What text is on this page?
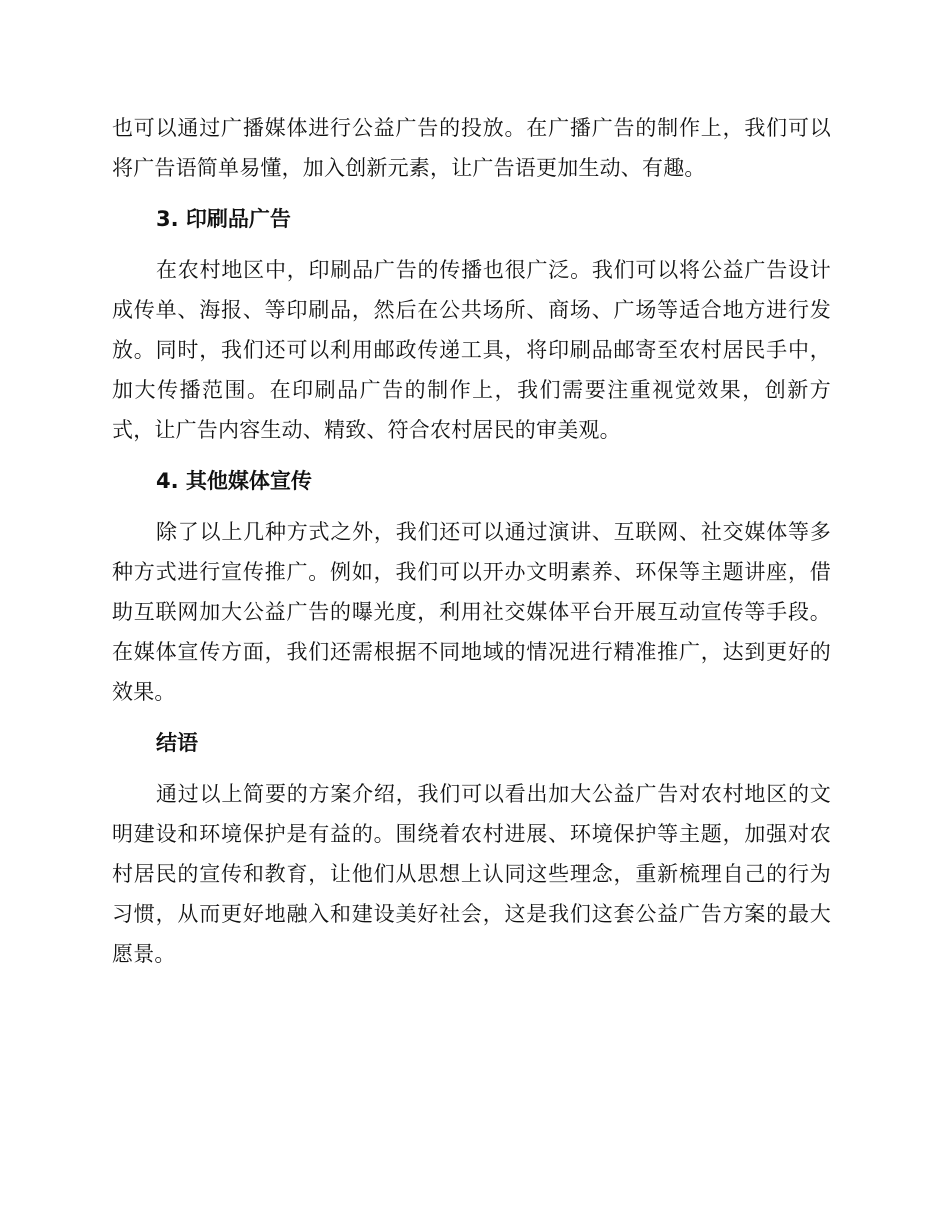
也可以通过广播媒体进行公益广告的投放。在广播广告的制作上，我们可以将广告语简单易懂，加入创新元素，让广告语更加生动、有趣。

3. 印刷品广告

在农村地区中，印刷品广告的传播也很广泛。我们可以将公益广告设计成传单、海报、等印刷品，然后在公共场所、商场、广场等适合地方进行发放。同时，我们还可以利用邮政传递工具，将印刷品邮寄至农村居民手中，加大传播范围。在印刷品广告的制作上，我们需要注重视觉效果，创新方式，让广告内容生动、精致、符合农村居民的审美观。

4. 其他媒体宣传

除了以上几种方式之外，我们还可以通过演讲、互联网、社交媒体等多种方式进行宣传推广。例如，我们可以开办文明素养、环保等主题讲座，借助互联网加大公益广告的曝光度，利用社交媒体平台开展互动宣传等手段。在媒体宣传方面，我们还需根据不同地域的情况进行精准推广，达到更好的效果。

结语

通过以上简要的方案介绍，我们可以看出加大公益广告对农村地区的文明建设和环境保护是有益的。围绕着农村进展、环境保护等主题，加强对农村居民的宣传和教育，让他们从思想上认同这些理念，重新梳理自己的行为习惯，从而更好地融入和建设美好社会，这是我们这套公益广告方案的最大愿景。
